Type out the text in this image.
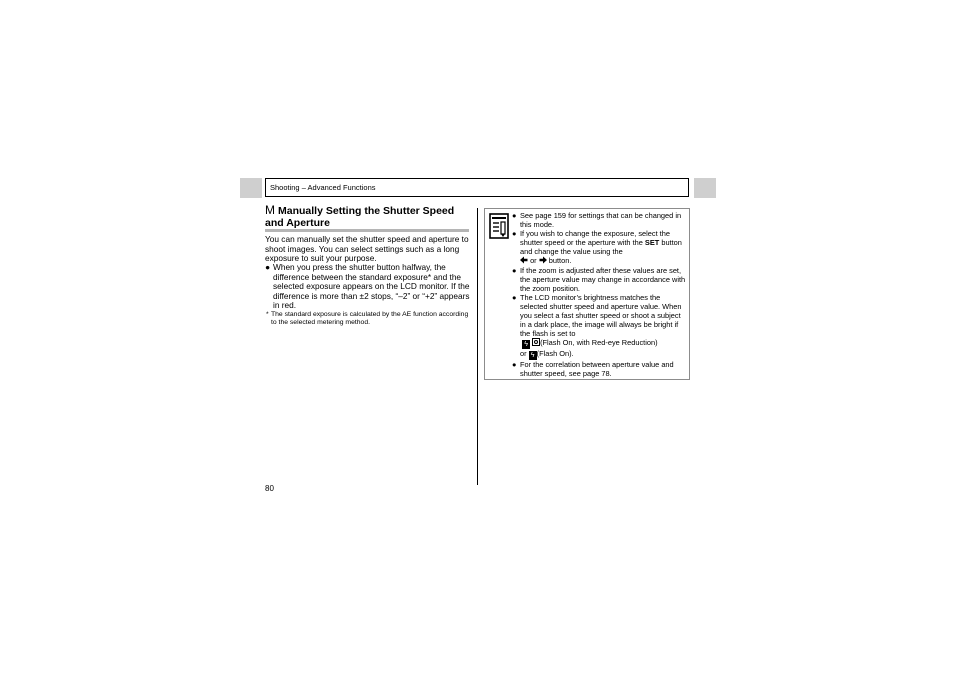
Shooting – Advanced Functions
M Manually Setting the Shutter Speed and Aperture
You can manually set the shutter speed and aperture to shoot images. You can select settings such as a long exposure to suit your purpose.
● When you press the shutter button halfway, the difference between the standard exposure* and the selected exposure appears on the LCD monitor. If the difference is more than ±2 stops, “–2” or “+2” appears in red.
* The standard exposure is calculated by the AE function according to the selected metering method.
80
● See page 159 for settings that can be changed in this mode.
● If you wish to change the exposure, select the shutter speed or the aperture with the SET button and change the value using the
or button.
● If the zoom is adjusted after these values are set, the aperture value may change in accordance with the zoom position.
● The LCD monitor’s brightness matches the selected shutter speed and aperture value. When you select a fast shutter speed or shoot a subject in a dark place, the image will always be bright if the flash is set to
ϟ (Flash On, with Red-eye Reduction)
or ϟ (Flash On).
● For the correlation between aperture value and shutter speed, see page 78.
